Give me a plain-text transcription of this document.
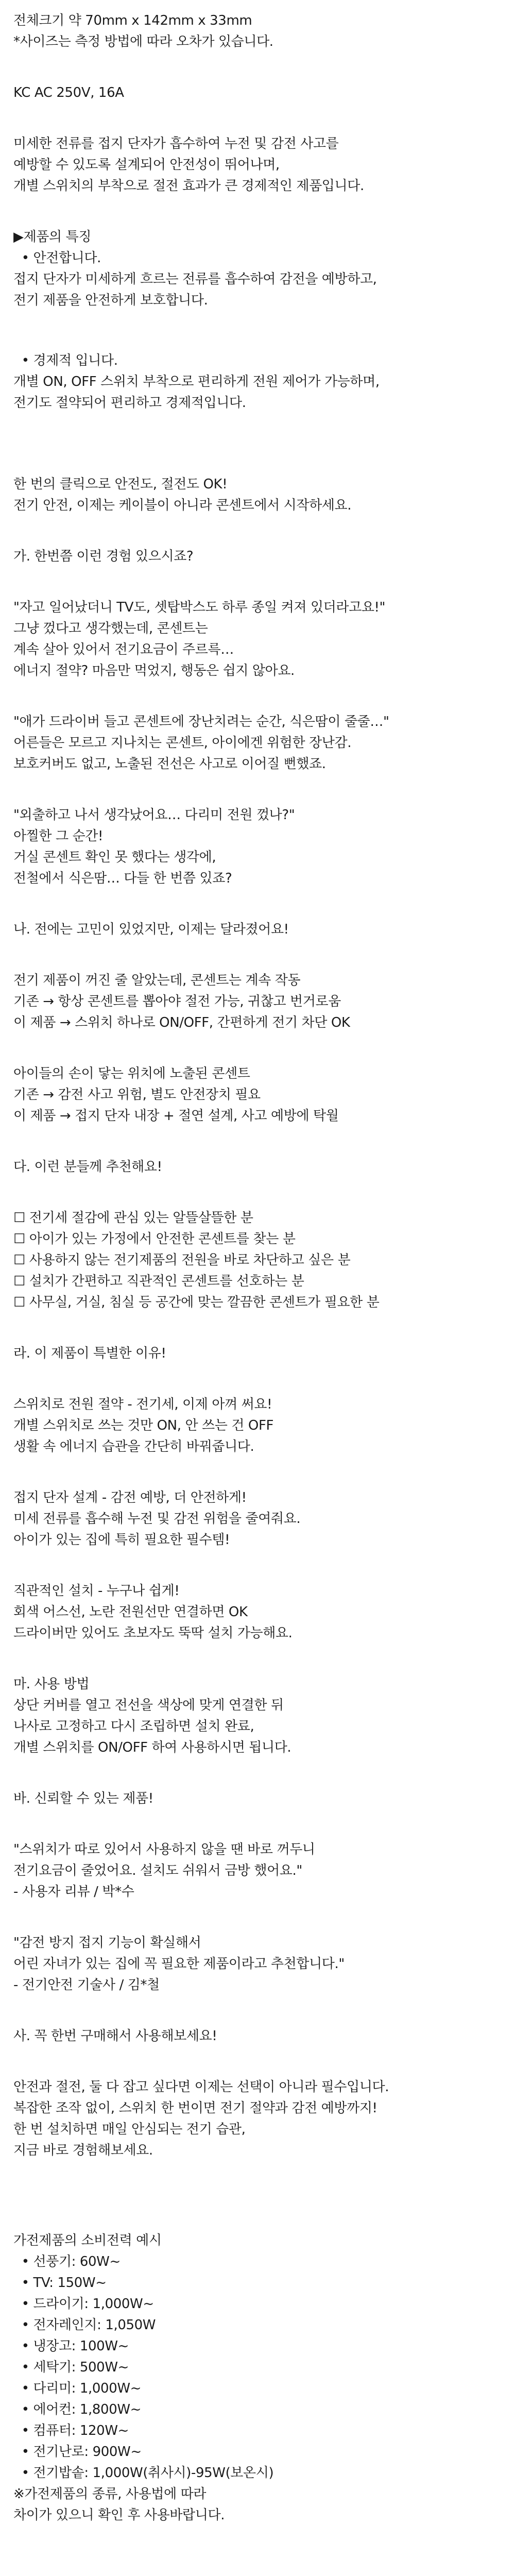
전체크기 약 70mm x 142mm x 33mm
*사이즈는 측정 방법에 따라 오차가 있습니다.
KC AC 250V, 16A
미세한 전류를 접지 단자가 흡수하여 누전 및 감전 사고를
예방할 수 있도록 설계되어 안전성이 뛰어나며,
개별 스위치의 부착으로 절전 효과가 큰 경제적인 제품입니다.
▶제품의 특징
• 안전합니다.
접지 단자가 미세하게 흐르는 전류를 흡수하여 감전을 예방하고,
전기 제품을 안전하게 보호합니다.
• 경제적 입니다.
개별 ON, OFF 스위치 부착으로 편리하게 전원 제어가 가능하며,
전기도 절약되어 편리하고 경제적입니다.
한 번의 클릭으로 안전도, 절전도 OK!
전기 안전, 이제는 케이블이 아니라 콘센트에서 시작하세요.
가. 한번쯤 이런 경험 있으시죠?
"자고 일어났더니 TV도, 셋탑박스도 하루 종일 켜져 있더라고요!"
그냥 껐다고 생각했는데, 콘센트는
계속 살아 있어서 전기요금이 주르륵…
에너지 절약? 마음만 먹었지, 행동은 쉽지 않아요.
"애가 드라이버 들고 콘센트에 장난치려는 순간, 식은땀이 줄줄…"
어른들은 모르고 지나치는 콘센트, 아이에겐 위험한 장난감.
보호커버도 없고, 노출된 전선은 사고로 이어질 뻔했죠.
"외출하고 나서 생각났어요… 다리미 전원 껐나?"
아찔한 그 순간!
거실 콘센트 확인 못 했다는 생각에,
전철에서 식은땀… 다들 한 번쯤 있죠?
나. 전에는 고민이 있었지만, 이제는 달라졌어요!
전기 제품이 꺼진 줄 알았는데, 콘센트는 계속 작동
기존 → 항상 콘센트를 뽑아야 절전 가능, 귀찮고 번거로움
이 제품 → 스위치 하나로 ON/OFF, 간편하게 전기 차단 OK
아이들의 손이 닿는 위치에 노출된 콘센트
기존 → 감전 사고 위험, 별도 안전장치 필요
이 제품 → 접지 단자 내장 + 절연 설계, 사고 예방에 탁월
다. 이런 분들께 추천해요!
☐ 전기세 절감에 관심 있는 알뜰살뜰한 분
☐ 아이가 있는 가정에서 안전한 콘센트를 찾는 분
☐ 사용하지 않는 전기제품의 전원을 바로 차단하고 싶은 분
☐ 설치가 간편하고 직관적인 콘센트를 선호하는 분
☐ 사무실, 거실, 침실 등 공간에 맞는 깔끔한 콘센트가 필요한 분
라. 이 제품이 특별한 이유!
스위치로 전원 절약 - 전기세, 이제 아껴 써요!
개별 스위치로 쓰는 것만 ON, 안 쓰는 건 OFF
생활 속 에너지 습관을 간단히 바꿔줍니다.
접지 단자 설계 - 감전 예방, 더 안전하게!
미세 전류를 흡수해 누전 및 감전 위험을 줄여줘요.
아이가 있는 집에 특히 필요한 필수템!
직관적인 설치 - 누구나 쉽게!
회색 어스선, 노란 전원선만 연결하면 OK
드라이버만 있어도 초보자도 뚝딱 설치 가능해요.
마. 사용 방법
상단 커버를 열고 전선을 색상에 맞게 연결한 뒤
나사로 고정하고 다시 조립하면 설치 완료,
개별 스위치를 ON/OFF 하여 사용하시면 됩니다.
바. 신뢰할 수 있는 제품!
"스위치가 따로 있어서 사용하지 않을 땐 바로 꺼두니
전기요금이 줄었어요. 설치도 쉬워서 금방 했어요."
- 사용자 리뷰 / 박*수
"감전 방지 접지 기능이 확실해서
어린 자녀가 있는 집에 꼭 필요한 제품이라고 추천합니다."
- 전기안전 기술사 / 김*철
사. 꼭 한번 구매해서 사용해보세요!
안전과 절전, 둘 다 잡고 싶다면 이제는 선택이 아니라 필수입니다.
복잡한 조작 없이, 스위치 한 번이면 전기 절약과 감전 예방까지!
한 번 설치하면 매일 안심되는 전기 습관,
지금 바로 경험해보세요.
가전제품의 소비전력 예시
• 선풍기: 60W~
• TV: 150W~
• 드라이기: 1,000W~
• 전자레인지: 1,050W
• 냉장고: 100W~
• 세탁기: 500W~
• 다리미: 1,000W~
• 에어컨: 1,800W~
• 컴퓨터: 120W~
• 전기난로: 900W~
• 전기밥솥: 1,000W(취사시)-95W(보온시)
※가전제품의 종류, 사용법에 따라
차이가 있으니 확인 후 사용바랍니다.
